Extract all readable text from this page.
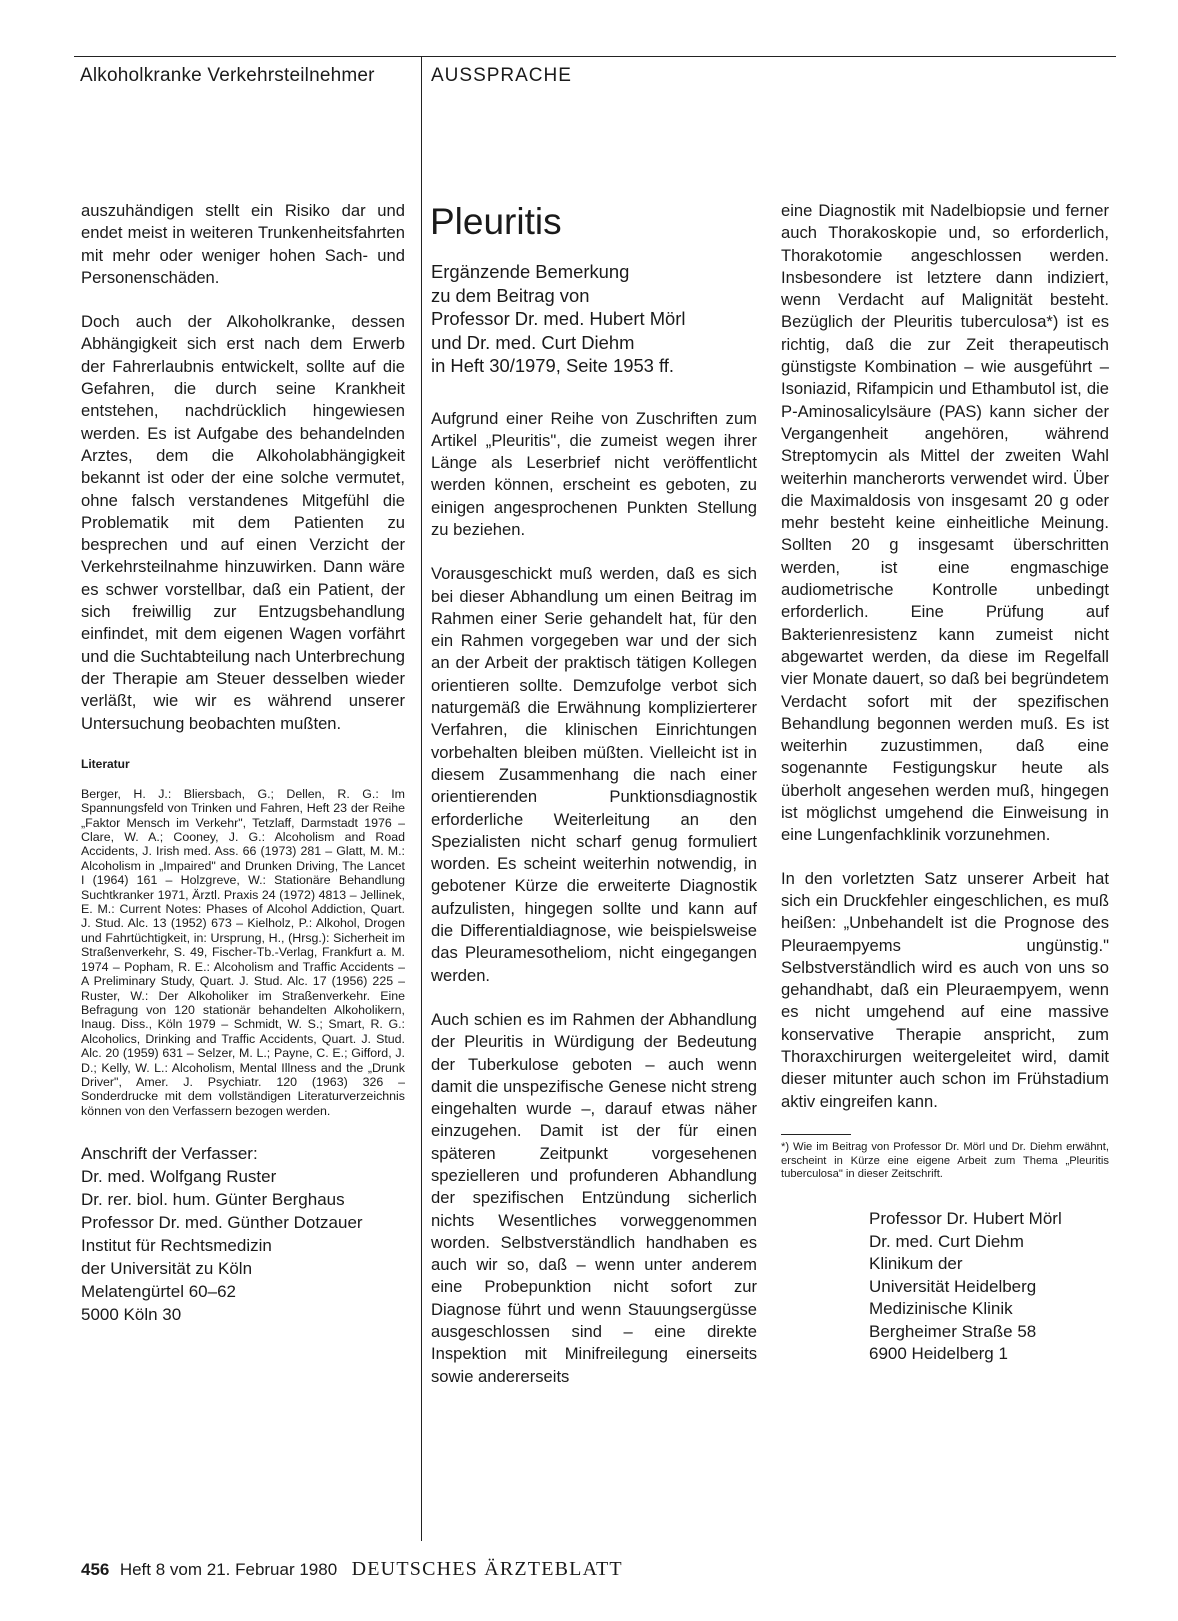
Alkoholkranke Verkehrsteilnehmer	AUSSPRACHE

auszuhändigen stellt ein Risiko dar und endet meist in weiteren Trunkenheitsfahrten mit mehr oder weniger hohen Sach- und Personenschäden.

Doch auch der Alkoholkranke, dessen Abhängigkeit sich erst nach dem Erwerb der Fahrerlaubnis entwickelt, sollte auf die Gefahren, die durch seine Krankheit entstehen, nachdrücklich hingewiesen werden. Es ist Aufgabe des behandelnden Arztes, dem die Alkoholabhängigkeit bekannt ist oder der eine solche vermutet, ohne falsch verstandenes Mitgefühl die Problematik mit dem Patienten zu besprechen und auf einen Verzicht der Verkehrsteilnahme hinzuwirken. Dann wäre es schwer vorstellbar, daß ein Patient, der sich freiwillig zur Entzugsbehandlung einfindet, mit dem eigenen Wagen vorfährt und die Suchtabteilung nach Unterbrechung der Therapie am Steuer desselben wieder verläßt, wie wir es während unserer Untersuchung beobachten mußten.

Literatur

Berger, H. J.: Bliersbach, G.; Dellen, R. G.: Im Spannungsfeld von Trinken und Fahren, Heft 23 der Reihe „Faktor Mensch im Verkehr", Tetzlaff, Darmstadt 1976 – Clare, W. A.; Cooney, J. G.: Alcoholism and Road Accidents, J. Irish med. Ass. 66 (1973) 281 – Glatt, M. M.: Alcoholism in „Impaired" and Drunken Driving, The Lancet I (1964) 161 – Holzgreve, W.: Stationäre Behandlung Suchtkranker 1971, Ärztl. Praxis 24 (1972) 4813 – Jellinek, E. M.: Current Notes: Phases of Alcohol Addiction, Quart. J. Stud. Alc. 13 (1952) 673 – Kielholz, P.: Alkohol, Drogen und Fahrtüchtigkeit, in: Ursprung, H., (Hrsg.): Sicherheit im Straßenverkehr, S. 49, Fischer-Tb.-Verlag, Frankfurt a. M. 1974 – Popham, R. E.: Alcoholism and Traffic Accidents – A Preliminary Study, Quart. J. Stud. Alc. 17 (1956) 225 – Ruster, W.: Der Alkoholiker im Straßenverkehr. Eine Befragung von 120 stationär behandelten Alkoholikern, Inaug. Diss., Köln 1979 – Schmidt, W. S.; Smart, R. G.: Alcoholics, Drinking and Traffic Accidents, Quart. J. Stud. Alc. 20 (1959) 631 – Selzer, M. L.; Payne, C. E.; Gifford, J. D.; Kelly, W. L.: Alcoholism, Mental Illness and the „Drunk Driver", Amer. J. Psychiatr. 120 (1963) 326 – Sonderdrucke mit dem vollständigen Literaturverzeichnis können von den Verfassern bezogen werden.

Anschrift der Verfasser:
Dr. med. Wolfgang Ruster
Dr. rer. biol. hum. Günter Berghaus
Professor Dr. med. Günther Dotzauer
Institut für Rechtsmedizin
der Universität zu Köln
Melatengürtel 60–62
5000 Köln 30
Pleuritis
Ergänzende Bemerkung
zu dem Beitrag von
Professor Dr. med. Hubert Mörl
und Dr. med. Curt Diehm
in Heft 30/1979, Seite 1953 ff.

Aufgrund einer Reihe von Zuschriften zum Artikel „Pleuritis", die zumeist wegen ihrer Länge als Leserbrief nicht veröffentlicht werden können, erscheint es geboten, zu einigen angesprochenen Punkten Stellung zu beziehen.

Vorausgeschickt muß werden, daß es sich bei dieser Abhandlung um einen Beitrag im Rahmen einer Serie gehandelt hat, für den ein Rahmen vorgegeben war und der sich an der Arbeit der praktisch tätigen Kollegen orientieren sollte. Demzufolge verbot sich naturgemäß die Erwähnung komplizierterer Verfahren, die klinischen Einrichtungen vorbehalten bleiben müßten. Vielleicht ist in diesem Zusammenhang die nach einer orientierenden Punktionsdiagnostik erforderliche Weiterleitung an den Spezialisten nicht scharf genug formuliert worden. Es scheint weiterhin notwendig, in gebotener Kürze die erweiterte Diagnostik aufzulisten, hingegen sollte und kann auf die Differentialdiagnose, wie beispielsweise das Pleuramesotheliom, nicht eingegangen werden.

Auch schien es im Rahmen der Abhandlung der Pleuritis in Würdigung der Bedeutung der Tuberkulose geboten – auch wenn damit die unspezifische Genese nicht streng eingehalten wurde –, darauf etwas näher einzugehen. Damit ist der für einen späteren Zeitpunkt vorgesehenen spezielleren und profunderen Abhandlung der spezifischen Entzündung sicherlich nichts Wesentliches vorweggenommen worden. Selbstverständlich handhaben es auch wir so, daß – wenn unter anderem eine Probepunktion nicht sofort zur Diagnose führt und wenn Stauungsergüsse ausgeschlossen sind – eine direkte Inspektion mit Minifreilegung einerseits sowie andererseits

eine Diagnostik mit Nadelbiopsie und ferner auch Thorakoskopie und, so erforderlich, Thorakotomie angeschlossen werden. Insbesondere ist letztere dann indiziert, wenn Verdacht auf Malignität besteht. Bezüglich der Pleuritis tuberculosa*) ist es richtig, daß die zur Zeit therapeutisch günstigste Kombination – wie ausgeführt – Isoniazid, Rifampicin und Ethambutol ist, die P-Aminosalicylsäure (PAS) kann sicher der Vergangenheit angehören, während Streptomycin als Mittel der zweiten Wahl weiterhin mancherorts verwendet wird. Über die Maximaldosis von insgesamt 20 g oder mehr besteht keine einheitliche Meinung. Sollten 20 g insgesamt überschritten werden, ist eine engmaschige audiometrische Kontrolle unbedingt erforderlich. Eine Prüfung auf Bakterienresistenz kann zumeist nicht abgewartet werden, da diese im Regelfall vier Monate dauert, so daß bei begründetem Verdacht sofort mit der spezifischen Behandlung begonnen werden muß. Es ist weiterhin zuzustimmen, daß eine sogenannte Festigungskur heute als überholt angesehen werden muß, hingegen ist möglichst umgehend die Einweisung in eine Lungenfachklinik vorzunehmen.

In den vorletzten Satz unserer Arbeit hat sich ein Druckfehler eingeschlichen, es muß heißen: „Unbehandelt ist die Prognose des Pleuraempyems ungünstig." Selbstverständlich wird es auch von uns so gehandhabt, daß ein Pleuraempyem, wenn es nicht umgehend auf eine massive konservative Therapie anspricht, zum Thoraxchirurgen weitergeleitet wird, damit dieser mitunter auch schon im Frühstadium aktiv eingreifen kann.

*) Wie im Beitrag von Professor Dr. Mörl und Dr. Diehm erwähnt, erscheint in Kürze eine eigene Arbeit zum Thema „Pleuritis tuberculosa" in dieser Zeitschrift.

Professor Dr. Hubert Mörl
Dr. med. Curt Diehm
Klinikum der
Universität Heidelberg
Medizinische Klinik
Bergheimer Straße 58
6900 Heidelberg 1
456 Heft 8 vom 21. Februar 1980 DEUTSCHES ÄRZTEBLATT
